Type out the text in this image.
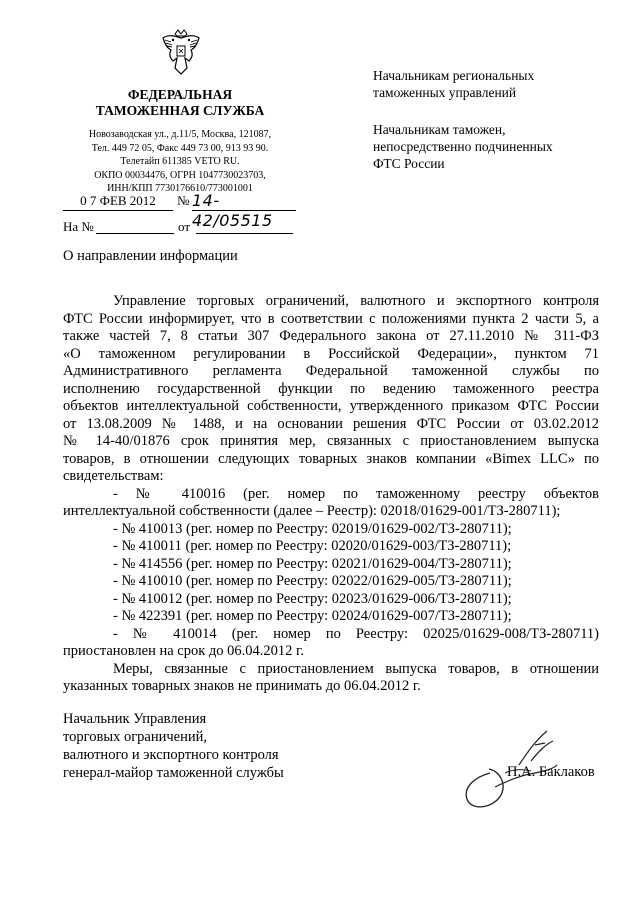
ФЕДЕРАЛЬНАЯ
ТАМОЖЕННАЯ СЛУЖБА
Новозаводская ул., д.11/5, Москва, 121087,
Тел. 449 72 05, Факс 449 73 00, 913 93 90.
Телетайп 611385 VETO RU.
ОКПО 00034476, ОГРН 1047730023703,
ИНН/КПП 7730176610/773001001
0 7 ФЕВ 2012	№ 14-42/05515
На №	от
Начальникам региональных
таможенных управлений
Начальникам таможен,
непосредственно подчиненных
ФТС России
О направлении информации
Управление торговых ограничений, валютного и экспортного контроля
ФТС России информирует, что в соответствии с положениями пункта 2 части 5, а
также частей 7, 8 статьи 307 Федерального закона от 27.11.2010 № 311-ФЗ
«О таможенном регулировании в Российской Федерации», пунктом 71
Административного регламента Федеральной таможенной службы по
исполнению государственной функции по ведению таможенного реестра
объектов интеллектуальной собственности, утвержденного приказом ФТС России
от 13.08.2009 № 1488, и на основании решения ФТС России от 03.02.2012
№ 14-40/01876 срок принятия мер, связанных с приостановлением выпуска
товаров, в отношении следующих товарных знаков компании «Bimex LLC» по
свидетельствам:
- № 410016 (рег. номер по таможенному реестру объектов
интеллектуальной собственности (далее – Реестр): 02018/01629-001/ТЗ-280711);
- № 410013 (рег. номер по Реестру: 02019/01629-002/ТЗ-280711);
- № 410011 (рег. номер по Реестру: 02020/01629-003/ТЗ-280711);
- № 414556 (рег. номер по Реестру: 02021/01629-004/ТЗ-280711);
- № 410010 (рег. номер по Реестру: 02022/01629-005/ТЗ-280711);
- № 410012 (рег. номер по Реестру: 02023/01629-006/ТЗ-280711);
- № 422391 (рег. номер по Реестру: 02024/01629-007/ТЗ-280711);
- № 410014 (рег. номер по Реестру: 02025/01629-008/ТЗ-280711)
приостановлен на срок до 06.04.2012 г.
Меры, связанные с приостановлением выпуска товаров, в отношении
указанных товарных знаков не принимать до 06.04.2012 г.
Начальник Управления
торговых ограничений,
валютного и экспортного контроля
генерал-майор таможенной службы	П.А. Баклаков
